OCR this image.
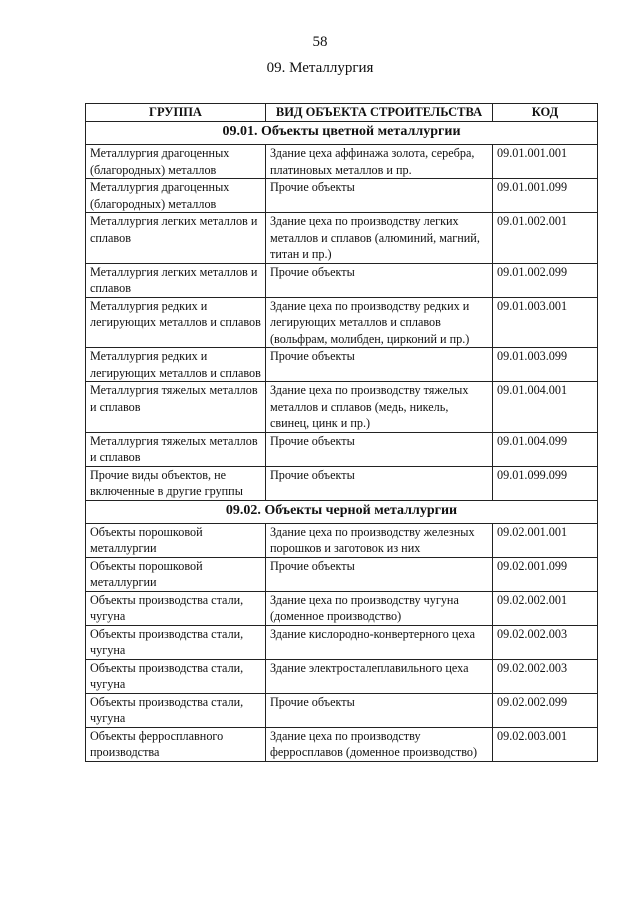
58
09. Металлургия
ГРУППА	ВИД ОБЪЕКТА СТРОИТЕЛЬСТВА	КОД
09.01. Объекты цветной металлургии		
Металлургия драгоценных (благородных) металлов	Здание цеха аффинажа золота, серебра, платиновых металлов и пр.	09.01.001.001
Металлургия драгоценных (благородных) металлов	Прочие объекты	09.01.001.099
Металлургия легких металлов и сплавов	Здание цеха по производству легких металлов и сплавов (алюминий, магний, титан и пр.)	09.01.002.001
Металлургия легких металлов и сплавов	Прочие объекты	09.01.002.099
Металлургия редких и легирующих металлов и сплавов	Здание цеха по производству редких и легирующих металлов и сплавов (вольфрам, молибден, цирконий и пр.)	09.01.003.001
Металлургия редких и легирующих металлов и сплавов	Прочие объекты	09.01.003.099
Металлургия тяжелых металлов и сплавов	Здание цеха по производству тяжелых металлов и сплавов (медь, никель, свинец, цинк и пр.)	09.01.004.001
Металлургия тяжелых металлов и сплавов	Прочие объекты	09.01.004.099
Прочие виды объектов, не включенные в другие группы	Прочие объекты	09.01.099.099
09.02. Объекты черной металлургии		
Объекты порошковой металлургии	Здание цеха по производству железных порошков и заготовок из них	09.02.001.001
Объекты порошковой металлургии	Прочие объекты	09.02.001.099
Объекты производства стали, чугуна	Здание цеха по производству чугуна (доменное производство)	09.02.002.001
Объекты производства стали, чугуна	Здание кислородно-конвертерного цеха	09.02.002.003
Объекты производства стали, чугуна	Здание электросталеплавильного цеха	09.02.002.003
Объекты производства стали, чугуна	Прочие объекты	09.02.002.099
Объекты ферросплавного производства	Здание цеха по производству ферросплавов (доменное производство)	09.02.003.001
